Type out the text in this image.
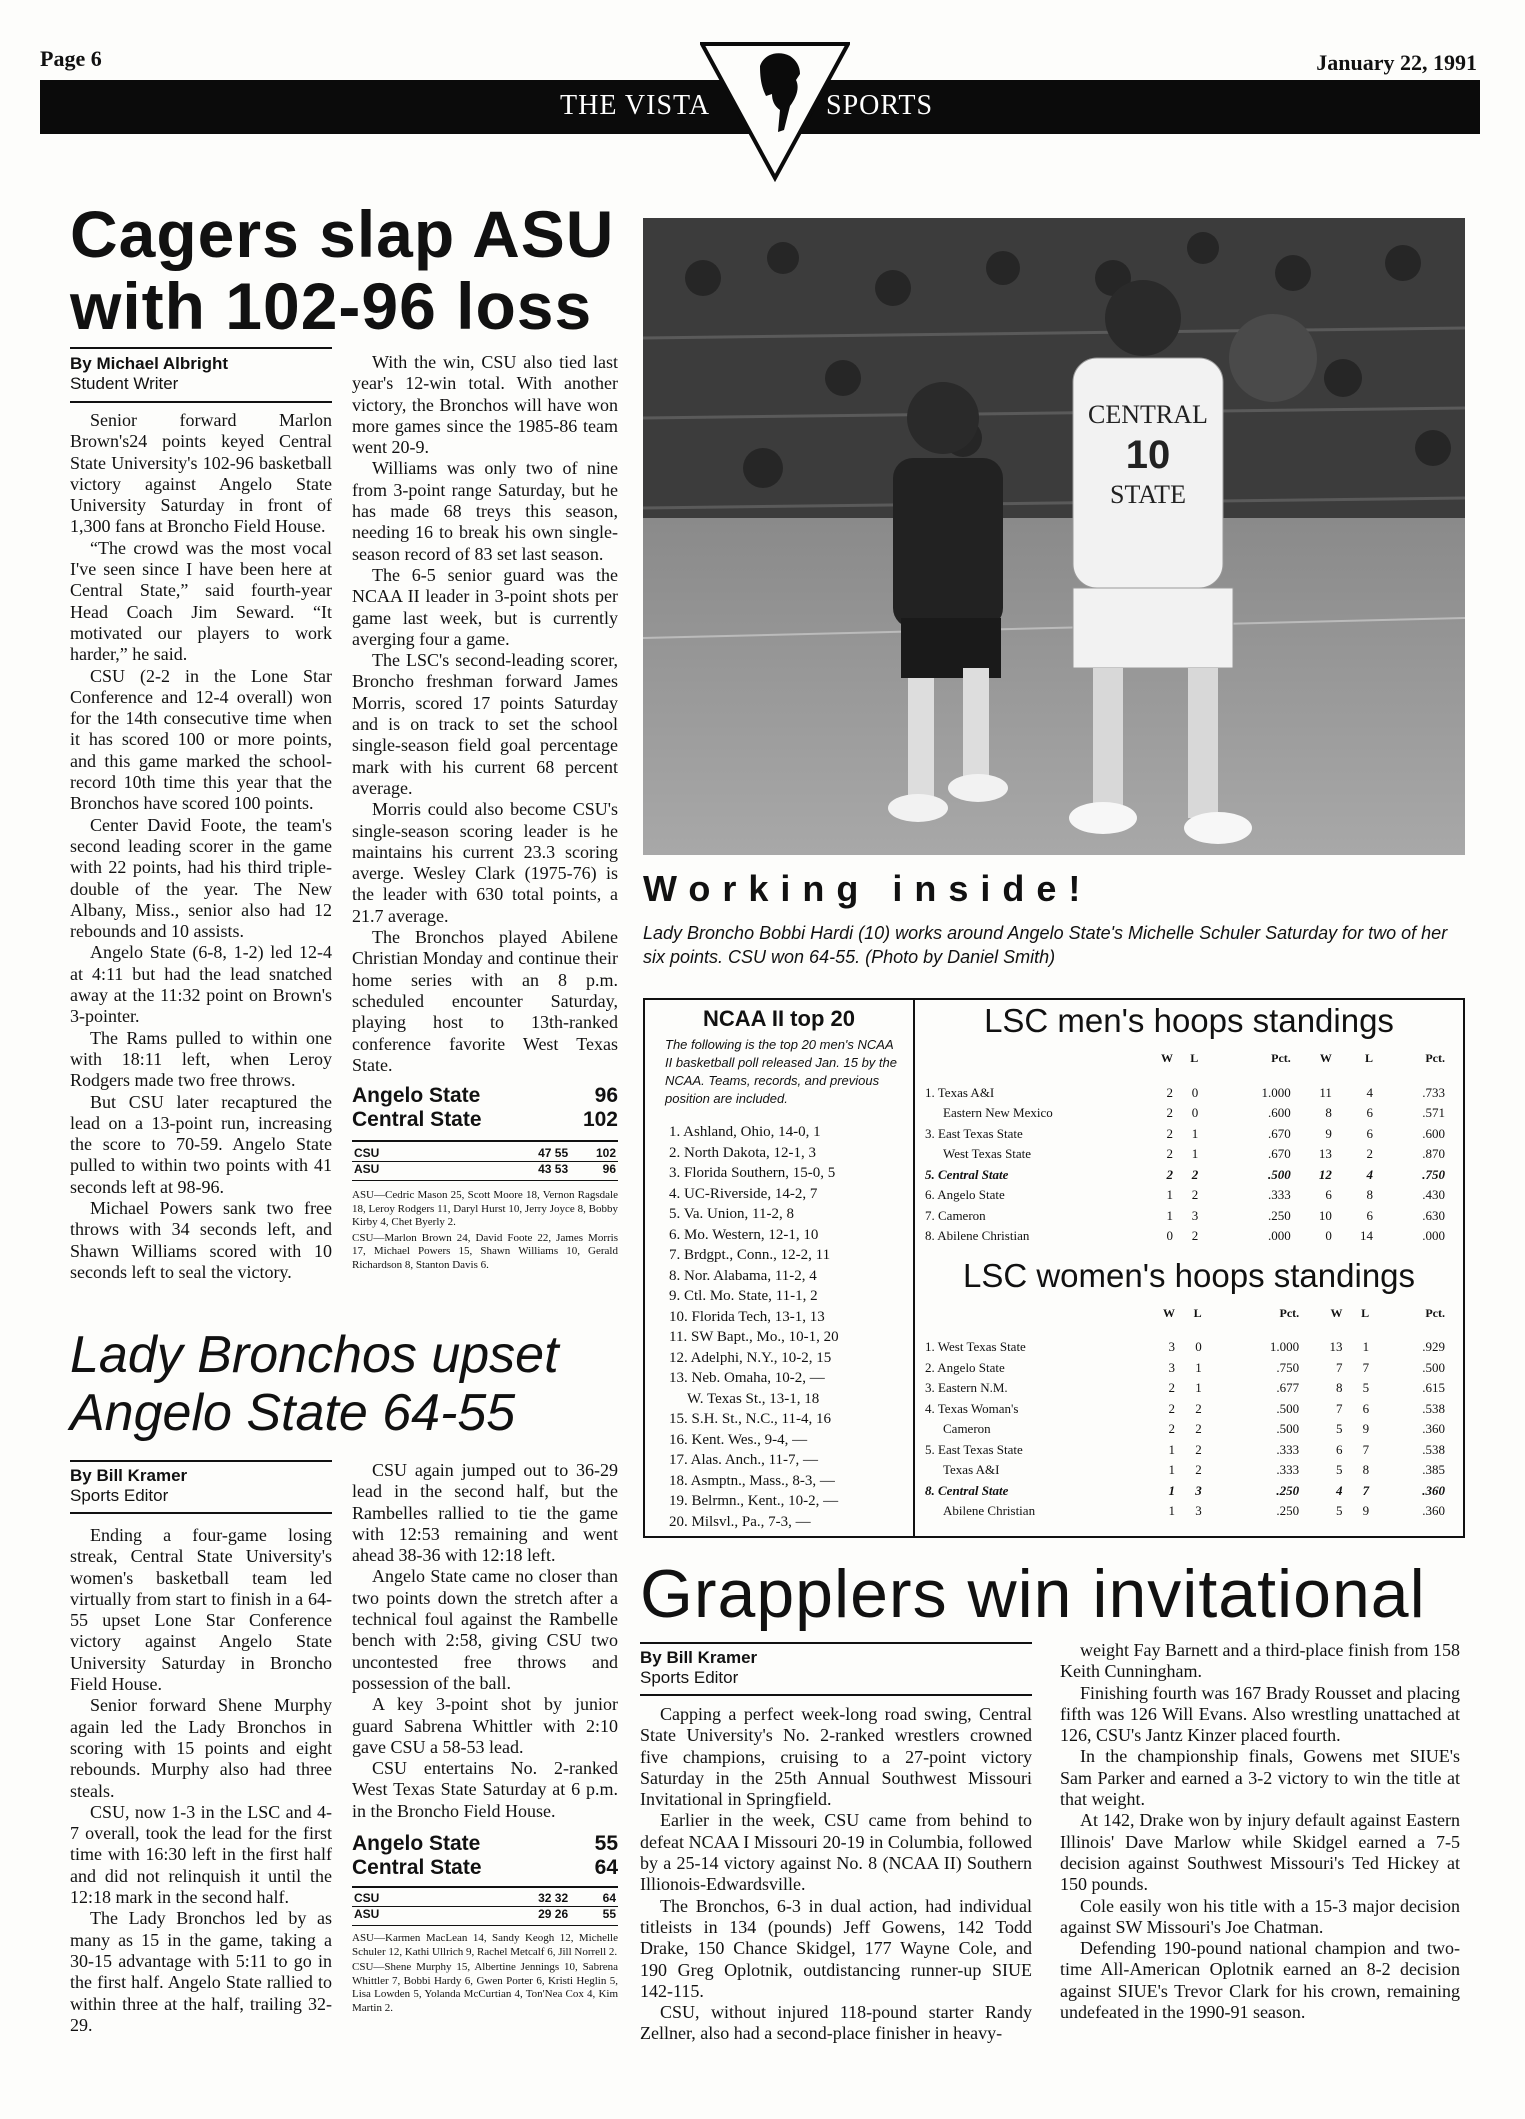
Page 6	January 22, 1991
THE VISTA	SPORTS
Cagers slap ASU
with 102-96 loss
By Michael Albright
Student Writer

Senior forward Marlon Brown's24 points keyed Central State University's 102-96 basketball victory against Angelo State University Saturday in front of 1,300 fans at Broncho Field House.

“The crowd was the most vocal I've seen since I have been here at Central State,” said fourth-year Head Coach Jim Seward. “It motivated our players to work harder,” he said.

CSU (2-2 in the Lone Star Conference and 12-4 overall) won for the 14th consecutive time when it has scored 100 or more points, and this game marked the school-record 10th time this year that the Bronchos have scored 100 points.

Center David Foote, the team's second leading scorer in the game with 22 points, had his third triple-double of the year. The New Albany, Miss., senior also had 12 rebounds and 10 assists.

Angelo State (6-8, 1-2) led 12-4 at 4:11 but had the lead snatched away at the 11:32 point on Brown's 3-pointer.

The Rams pulled to within one with 18:11 left, when Leroy Rodgers made two free throws.

But CSU later recaptured the lead on a 13-point run, increasing the score to 70-59. Angelo State pulled to within two points with 41 seconds left at 98-96.

Michael Powers sank two free throws with 34 seconds left, and Shawn Williams scored with 10 seconds left to seal the victory.

With the win, CSU also tied last year's 12-win total. With another victory, the Bronchos will have won more games since the 1985-86 team went 20-9.

Williams was only two of nine from 3-point range Saturday, but he has made 68 treys this season, needing 16 to break his own single-season record of 83 set last season.

The 6-5 senior guard was the NCAA II leader in 3-point shots per game last week, but is currently averging four a game.

The LSC's second-leading scorer, Broncho freshman forward James Morris, scored 17 points Saturday and is on track to set the school single-season field goal percentage mark with his current 68 percent average.

Morris could also become CSU's single-season scoring leader is he maintains his current 23.3 scoring averge. Wesley Clark (1975-76) is the leader with 630 total points, a 21.7 average.

The Bronchos played Abilene Christian Monday and continue their home series with an 8 p.m. scheduled encounter Saturday, playing host to 13th-ranked conference favorite West Texas State.

Angelo State	96
Central State	102
CSU	47 55	102
ASU	43 53	96

ASU—Cedric Mason 25, Scott Moore 18, Vernon Ragsdale 18, Leroy Rodgers 11, Daryl Hurst 10, Jerry Joyce 8, Bobby Kirby 4, Chet Byerly 2.

CSU—Marlon Brown 24, David Foote 22, James Morris 17, Michael Powers 15, Shawn Williams 10, Gerald Richardson 8, Stanton Davis 6.

CENTRAL
10
STATE
Working inside!

Lady Broncho Bobbi Hardi (10) works around Angelo State's Michelle Schuler Saturday for two of her six points. CSU won 64-55. (Photo by Daniel Smith)

NCAA II top 20

The following is the top 20 men's NCAA II basketball poll released Jan. 15 by the NCAA. Teams, records, and previous position are included.

1. Ashland, Ohio, 14-0, 1
2. North Dakota, 12-1, 3
3. Florida Southern, 15-0, 5
4. UC-Riverside, 14-2, 7
5. Va. Union, 11-2, 8
6. Mo. Western, 12-1, 10
7. Brdgpt., Conn., 12-2, 11
8. Nor. Alabama, 11-2, 4
9. Ctl. Mo. State, 11-1, 2
10. Florida Tech, 13-1, 13
11. SW Bapt., Mo., 10-1, 20
12. Adelphi, N.Y., 10-2, 15
13. Neb. Omaha, 10-2, —
W. Texas St., 13-1, 18
15. S.H. St., N.C., 11-4, 16
16. Kent. Wes., 9-4, —
17. Alas. Anch., 11-7, —
18. Asmptn., Mass., 8-3, —
19. Belrmn., Kent., 10-2, —
20. Milsvl., Pa., 7-3, —
LSC men's hoops standings
	W	L	Pct.	W	L	Pct.

1. Texas A&I	2	0	1.000	11	4	.733
Eastern New Mexico	2	0	.600	8	6	.571
3. East Texas State	2	1	.670	9	6	.600
West Texas State	2	1	.670	13	2	.870
5. Central State	2	2	.500	12	4	.750
6. Angelo State	1	2	.333	6	8	.430
7. Cameron	1	3	.250	10	6	.630
8. Abilene Christian	0	2	.000	0	14	.000
LSC women's hoops standings
	W	L	Pct.	W	L	Pct.

1. West Texas State	3	0	1.000	13	1	.929
2. Angelo State	3	1	.750	7	7	.500
3. Eastern N.M.	2	1	.677	8	5	.615
4. Texas Woman's	2	2	.500	7	6	.538
Cameron	2	2	.500	5	9	.360
5. East Texas State	1	2	.333	6	7	.538
Texas A&I	1	2	.333	5	8	.385
8. Central State	1	3	.250	4	7	.360
Abilene Christian	1	3	.250	5	9	.360
Lady Bronchos upset
Angelo State 64-55
By Bill Kramer
Sports Editor

Ending a four-game losing streak, Central State University's women's basketball team led virtually from start to finish in a 64-55 upset Lone Star Conference victory against Angelo State University Saturday in Broncho Field House.

Senior forward Shene Murphy again led the Lady Bronchos in scoring with 15 points and eight rebounds. Murphy also had three steals.

CSU, now 1-3 in the LSC and 4-7 overall, took the lead for the first time with 16:30 left in the first half and did not relinquish it until the 12:18 mark in the second half.

The Lady Bronchos led by as many as 15 in the game, taking a 30-15 advantage with 5:11 to go in the first half. Angelo State rallied to within three at the half, trailing 32-29.

CSU again jumped out to 36-29 lead in the second half, but the Rambelles rallied to tie the game with 12:53 remaining and went ahead 38-36 with 12:18 left.

Angelo State came no closer than two points down the stretch after a technical foul against the Rambelle bench with 2:58, giving CSU two uncontested free throws and possession of the ball.

A key 3-point shot by junior guard Sabrena Whittler with 2:10 gave CSU a 58-53 lead.

CSU entertains No. 2-ranked West Texas State Saturday at 6 p.m. in the Broncho Field House.

Angelo State	55
Central State	64
CSU	32 32	64
ASU	29 26	55

ASU—Karmen MacLean 14, Sandy Keogh 12, Michelle Schuler 12, Kathi Ullrich 9, Rachel Metcalf 6, Jill Norrell 2.

CSU—Shene Murphy 15, Albertine Jennings 10, Sabrena Whittler 7, Bobbi Hardy 6, Gwen Porter 6, Kristi Heglin 5, Lisa Lowden 5, Yolanda McCurtian 4, Ton'Nea Cox 4, Kim Martin 2.

Grapplers win invitational
By Bill Kramer
Sports Editor

Capping a perfect week-long road swing, Central State University's No. 2-ranked wrestlers crowned five champions, cruising to a 27-point victory Saturday in the 25th Annual Southwest Missouri Invitational in Springfield.

Earlier in the week, CSU came from behind to defeat NCAA I Missouri 20-19 in Columbia, followed by a 25-14 victory against No. 8 (NCAA II) Southern Illionois-Edwardsville.

The Bronchos, 6-3 in dual action, had individual titleists in 134 (pounds) Jeff Gowens, 142 Todd Drake, 150 Chance Skidgel, 177 Wayne Cole, and 190 Greg Oplotnik, outdistancing runner-up SIUE 142-115.

CSU, without injured 118-pound starter Randy Zellner, also had a second-place finisher in heavy-

weight Fay Barnett and a third-place finish from 158 Keith Cunningham.

Finishing fourth was 167 Brady Rousset and placing fifth was 126 Will Evans. Also wrestling unattached at 126, CSU's Jantz Kinzer placed fourth.

In the championship finals, Gowens met SIUE's Sam Parker and earned a 3-2 victory to win the title at that weight.

At 142, Drake won by injury default against Eastern Illinois' Dave Marlow while Skidgel earned a 7-5 decision against Southwest Missouri's Ted Hickey at 150 pounds.

Cole easily won his title with a 15-3 major decision against SW Missouri's Joe Chatman.

Defending 190-pound national champion and two-time All-American Oplotnik earned an 8-2 decision against SIUE's Trevor Clark for his crown, remaining undefeated in the 1990-91 season.
